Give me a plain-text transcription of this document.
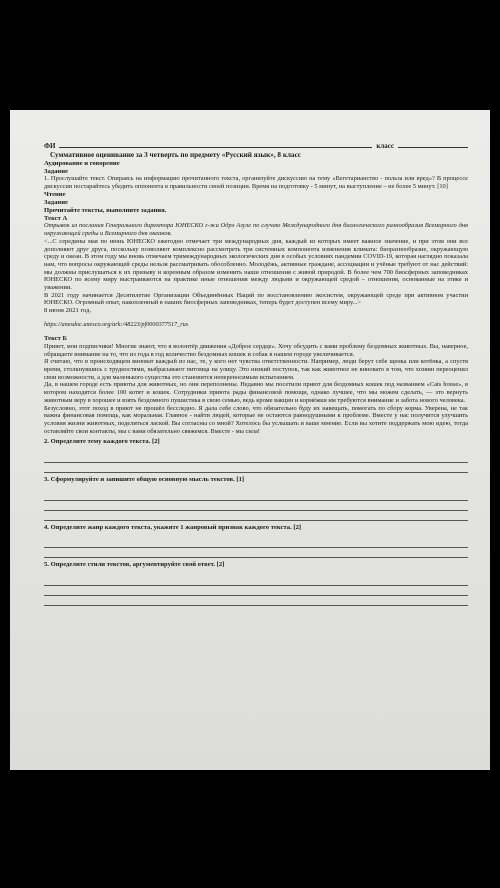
ФИ	класс

Суммативное оценивание за 3 четверть по предмету «Русский язык», 8 класс

Аудирование и говорение

Задание

1. Прослушайте текст. Опираясь на информацию прочитанного текста, организуйте дискуссию на тему «Вегетарианство - польза или вред»? В процессе дискуссии постарайтесь убедить оппонента в правильности своей позиции. Время на подготовку - 5 минут, на выступление – не более 5 минут. [10]

Чтение

Задание

Прочитайте тексты, выполните задания.

Текст А

Отрывок из послания Генерального директора ЮНЕСКО г-жи Одрэ Азуле по случаю Международного дня биологического разнообразия Всемирного дня окружающей среды и Всемирного дня океанов.

<...С середины мая по июнь ЮНЕСКО ежегодно отмечает три международных дня, каждый из которых имеет важное значение, и при этом они все дополняют друг друга, поскольку позволяют комплексно рассмотреть три системных компонента изменения климата: биоразнообразие, окружающую среду и океан. В этом году мы вновь отмечаем тримеждународных экологических дня в особых условиях пандемии COVID-19, которая наглядно показала нам, что вопросы окружающей среды нельзя рассматривать обособленно. Молодёжь, активные граждане, ассоциации и учёные требуют от нас действий: мы должны прислушаться к их призыву и коренным образом изменить наши отношения с живой природой. В более чем 700 биосферных заповедниках ЮНЕСКО по всему миру выстраиваются на практике иные отношения между людьми и окружающей средой – отношения, основанные на этике и уважении.

В 2021 году начинается Десятилетие Организации Объединённых Наций по восстановлению экосистем, окружающей среде при активном участии ЮНЕСКО. Огромный опыт, накопленный в наших биосферных заповедниках, теперь будет доступен всему миру...>

8 июня 2021 год.

https://unesdoc.unesco.org/ark:/48223/pf0000377517_rus

Текст Б

Привет, мои подписчики! Многие знают, что я волонтёр движения «Доброе сердце». Хочу обсудить с вами проблему бездомных животных. Вы, наверное, обращаете внимание на то, что из года в год количество бездомных кошек и собак в нашем городе увеличивается.

Я считаю, что в происходящем виноват каждый из нас, те, у кого нет чувства ответственности. Например, люди берут себе щенка или котёнка, а спустя время, столкнувшись с трудностями, выбрасывают питомца на улицу. Это низкий поступок, так как животное не виновато в том, что хозяин переоценил свои возможности, а для маленького существа это становится непереносимым испытанием.

Да, в нашем городе есть приюты для животных, но они переполнены. Недавно мы посетили приют для бездомных кошек под названием «Cats house», в котором находятся более 100 котят и кошек. Сотрудники приюта рады финансовой помощи, однако лучшее, что мы можем сделать, — это вернуть животным веру в хорошее и взять бездомного пушистика в свою семью, ведь кроме вакцин и кормёжки им требуются внимание и забота нового человека.

Безусловно, этот поход в приют не прошёл бесследно. Я дала себе слово, что обязательно буду их навещать, помогать по сбору корма. Уверена, не так важна финансовая помощь, как моральная. Главное - найти людей, которые не остаются равнодушными к проблеме. Вместе у нас получится улучшить условия жизни животных, поделиться лаской. Вы согласны со мной? Хотелось бы услышать и ваше мнение. Если вы хотите поддержать мою идею, тогда оставляйте свои контакты, мы с вами обязательно свяжемся. Вместе - мы сила!

2. Определите тему каждого текста. [2]

3. Сформулируйте и запишите общую основную мысль текстов. [1]

4. Определите жанр каждого текста, укажите 1 жанровый признак каждого текста. [2]

5. Определите стили текстов, аргументируйте свой ответ. [2]
